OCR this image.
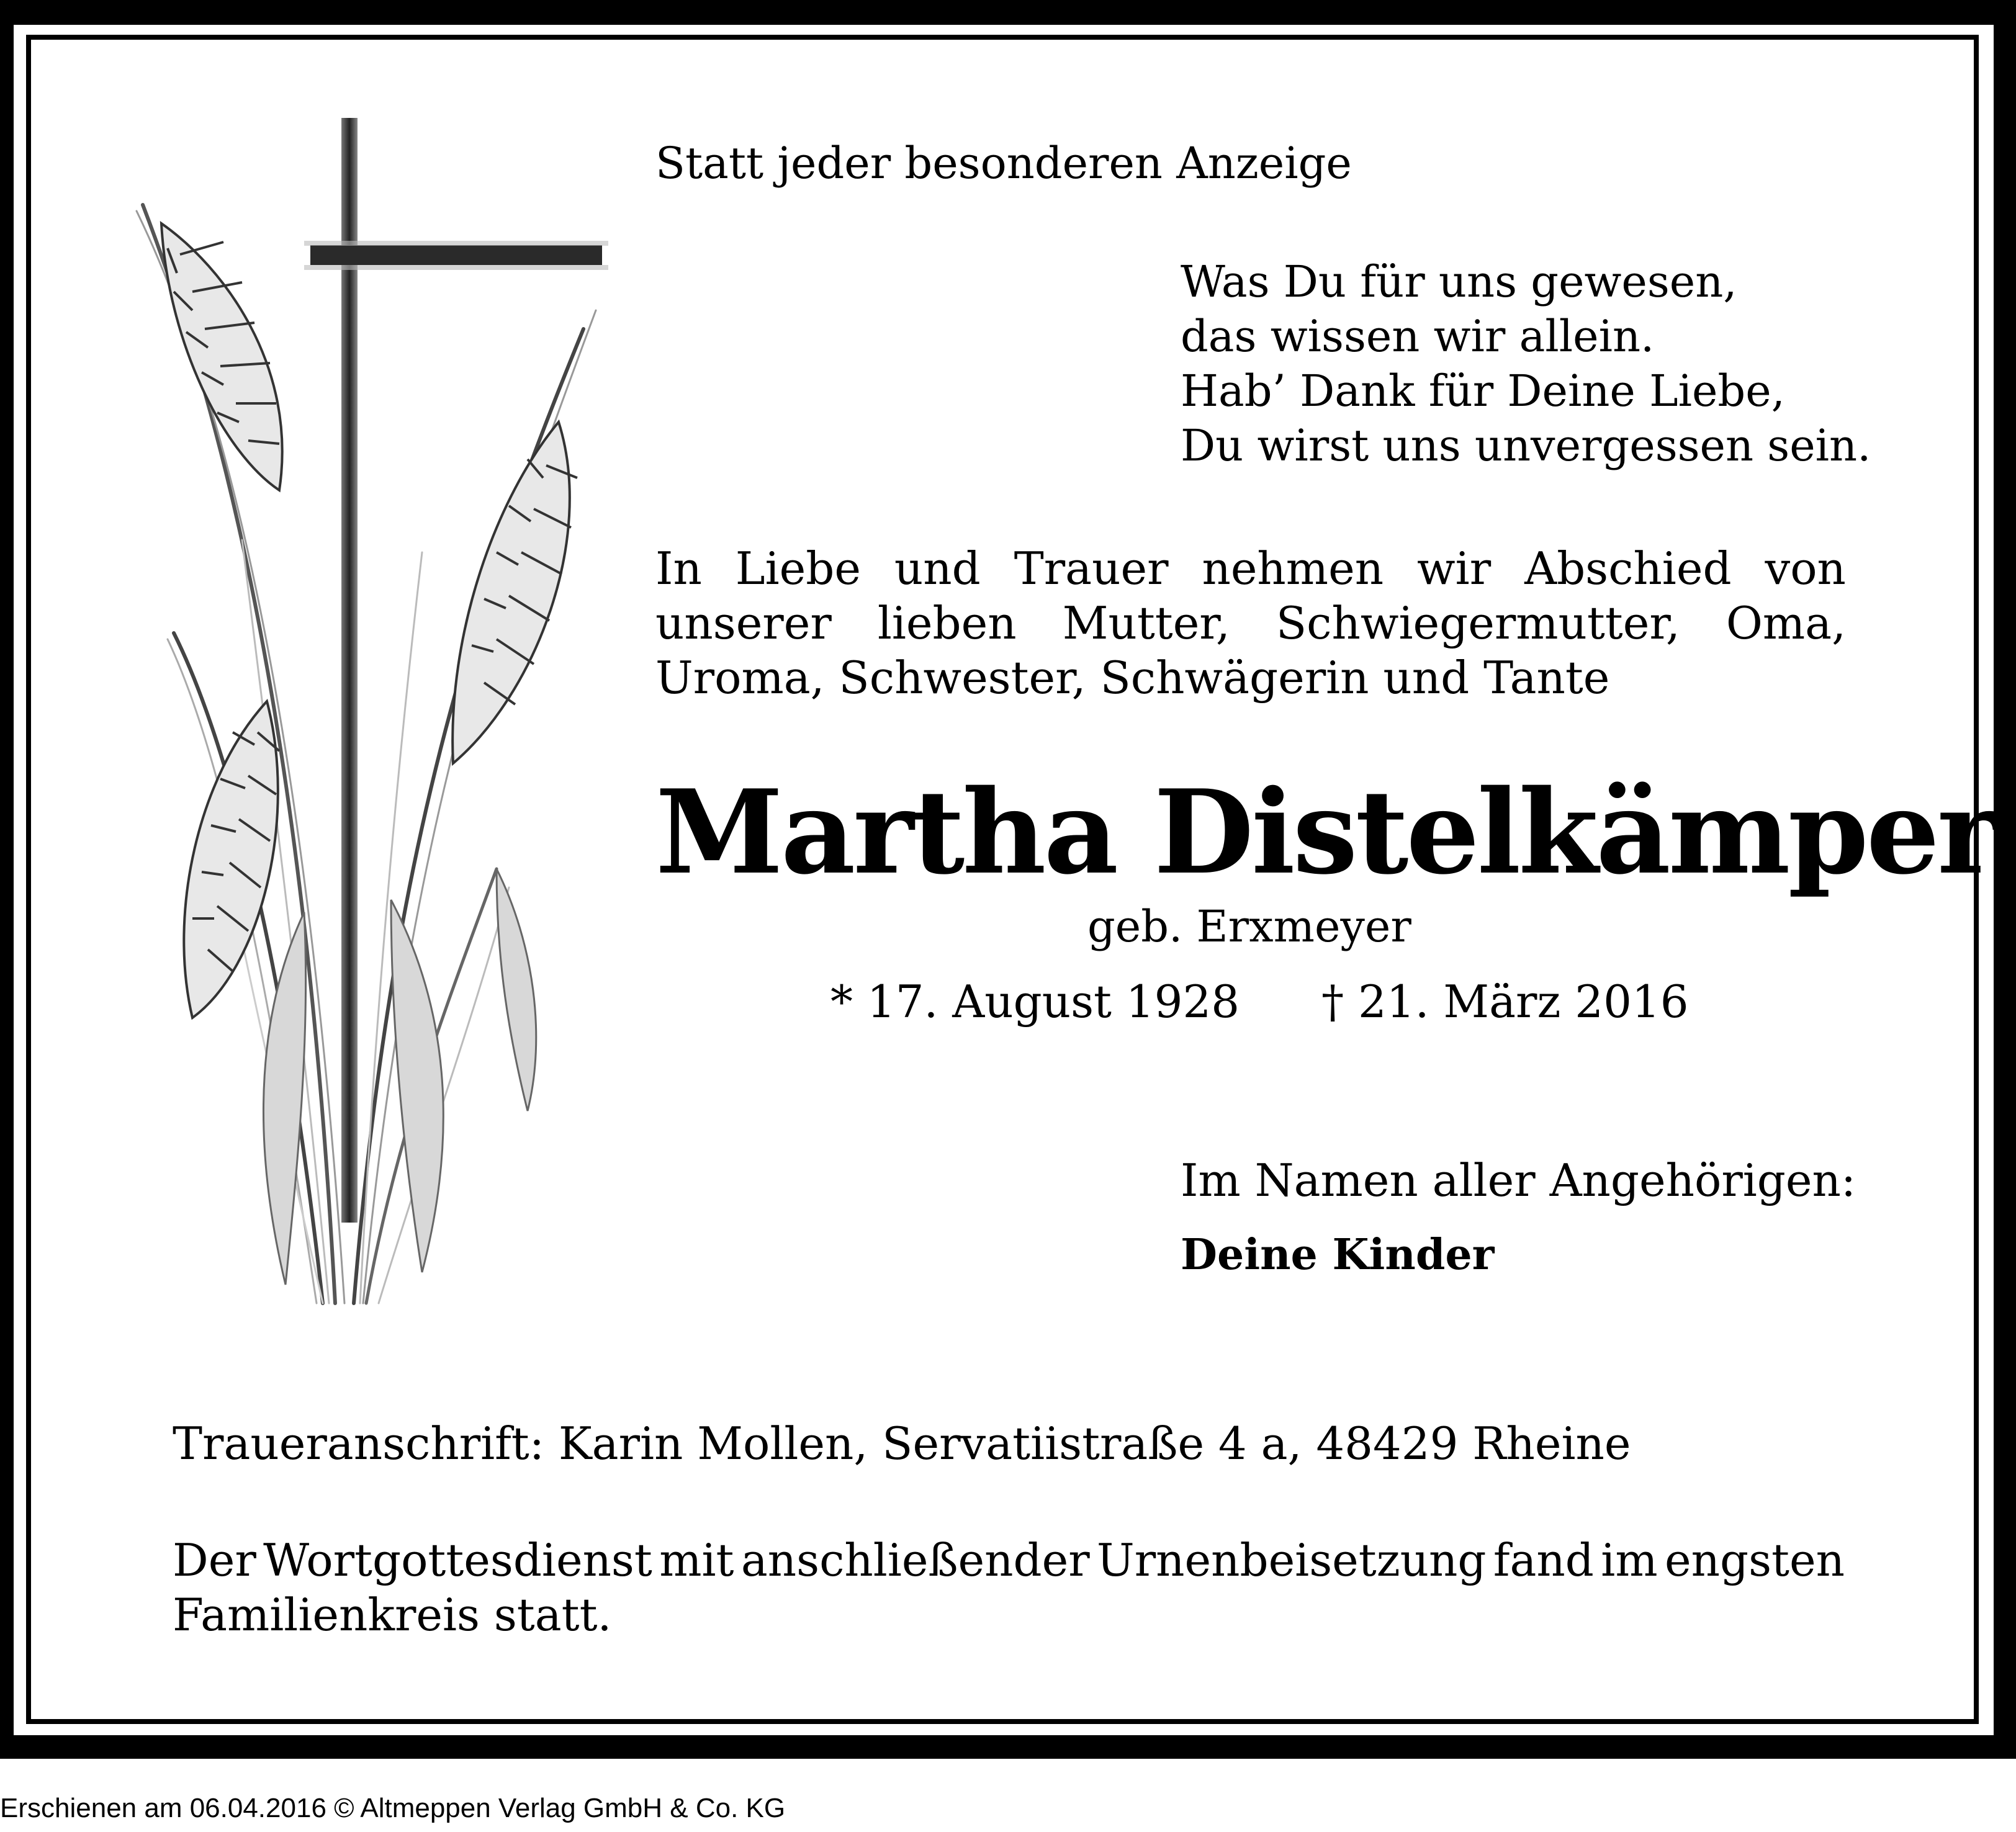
Statt jeder besonderen Anzeige
Was Du für uns gewesen,
das wissen wir allein.
Hab’ Dank für Deine Liebe,
Du wirst uns unvergessen sein.
In Liebe und Trauer nehmen wir Abschied von
unserer lieben Mutter, Schwiegermutter, Oma,
Uroma, Schwester, Schwägerin und Tante
Martha Distelkämper
geb. Erxmeyer
* 17. August 1928 † 21. März 2016
Im Namen aller Angehörigen:
Deine Kinder
Traueranschrift: Karin Mollen, Servatiistraße 4 a, 48429 Rheine
Der Wortgottesdienst mit anschließender Urnenbeisetzung fand im engsten
Familienkreis statt.
Erschienen am 06.04.2016 © Altmeppen Verlag GmbH & Co. KG
